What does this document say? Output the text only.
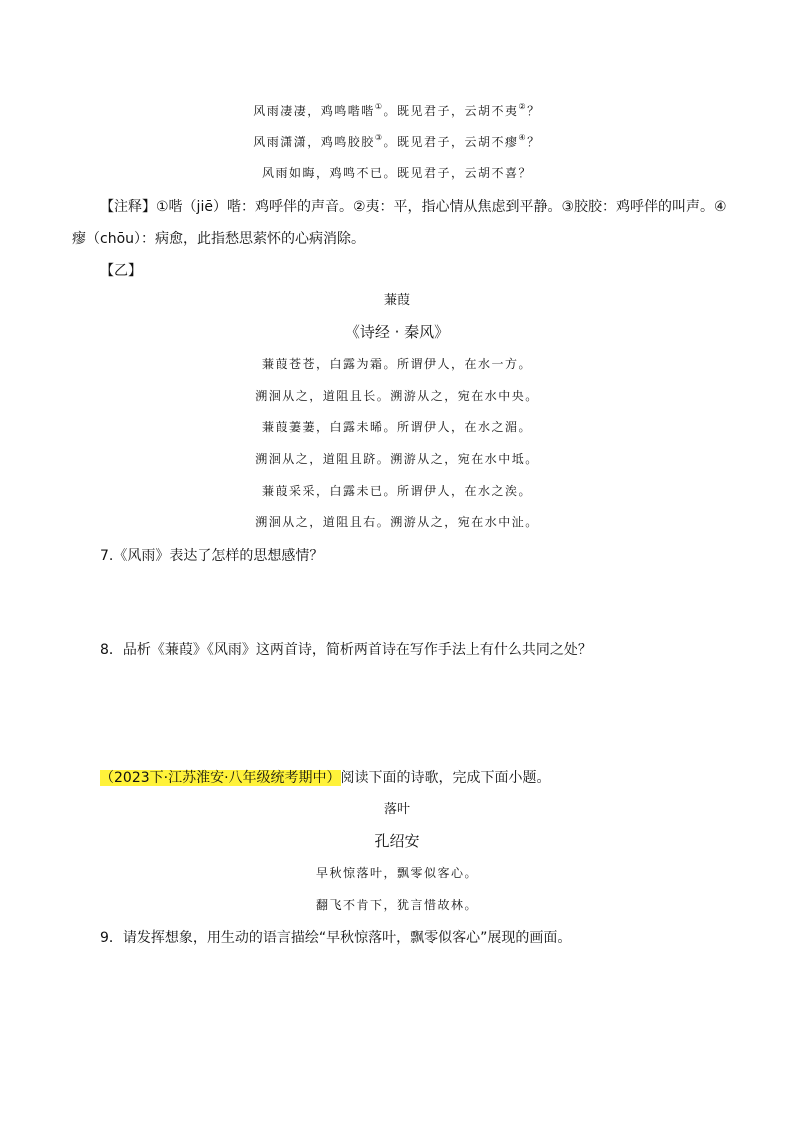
风雨凄凄，鸡鸣喈喈①。既见君子，云胡不夷②？
风雨潇潇，鸡鸣胶胶③。既见君子，云胡不瘳④？
风雨如晦，鸡鸣不已。既见君子，云胡不喜？
【注释】①喈（jiē）喈：鸡呼伴的声音。②夷：平，指心情从焦虑到平静。③胶胶：鸡呼伴的叫声。④
瘳（chōu）：病愈，此指愁思萦怀的心病消除。
【乙】
蒹葭
《诗经 · 秦风》
蒹葭苍苍，白露为霜。所谓伊人，在水一方。
溯洄从之，道阻且长。溯游从之，宛在水中央。
蒹葭萋萋，白露未晞。所谓伊人，在水之湄。
溯洄从之，道阻且跻。溯游从之，宛在水中坻。
蒹葭采采，白露未已。所谓伊人，在水之涘。
溯洄从之，道阻且右。溯游从之，宛在水中沚。
7.《风雨》表达了怎样的思想感情？
8．品析《蒹葭》《风雨》这两首诗，简析两首诗在写作手法上有什么共同之处？
（2023下·江苏淮安·八年级统考期中）阅读下面的诗歌，完成下面小题。
落叶
孔绍安
早秋惊落叶，飘零似客心。
翻飞不肯下，犹言惜故林。
9．请发挥想象，用生动的语言描绘“早秋惊落叶，飘零似客心”展现的画面。
